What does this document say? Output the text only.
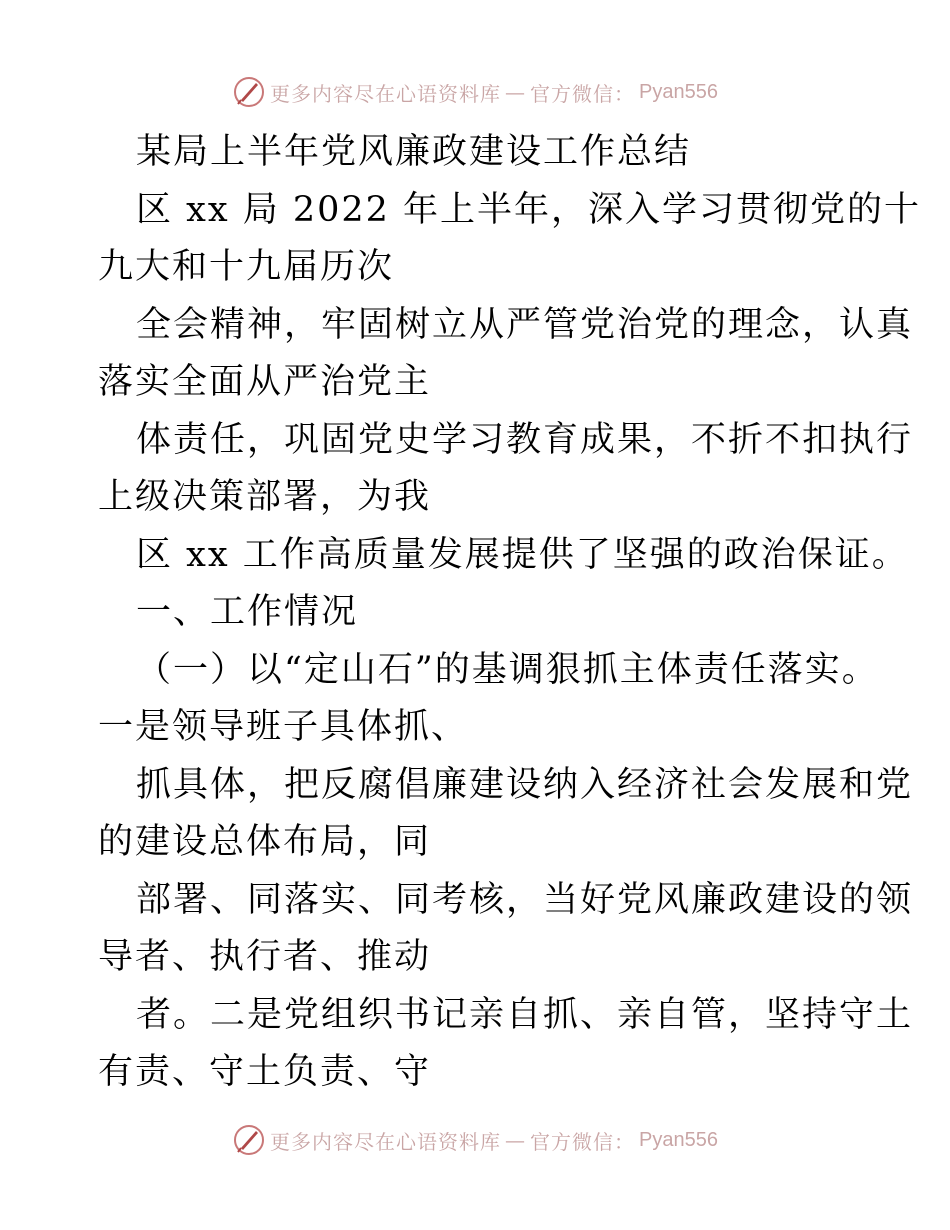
更多内容尽在心语资料库 — 官方微信： Pyan556
某局上半年党风廉政建设工作总结
区 xx 局 2022 年上半年，深入学习贯彻党的十
九大和十九届历次
全会精神，牢固树立从严管党治党的理念，认真
落实全面从严治党主
体责任，巩固党史学习教育成果，不折不扣执行
上级决策部署，为我
区 xx 工作高质量发展提供了坚强的政治保证。
一、工作情况
（一）以“定山石”的基调狠抓主体责任落实。
一是领导班子具体抓、
抓具体，把反腐倡廉建设纳入经济社会发展和党
的建设总体布局，同
部署、同落实、同考核，当好党风廉政建设的领
导者、执行者、推动
者。二是党组织书记亲自抓、亲自管，坚持守土
有责、守土负责、守
更多内容尽在心语资料库 — 官方微信： Pyan556
